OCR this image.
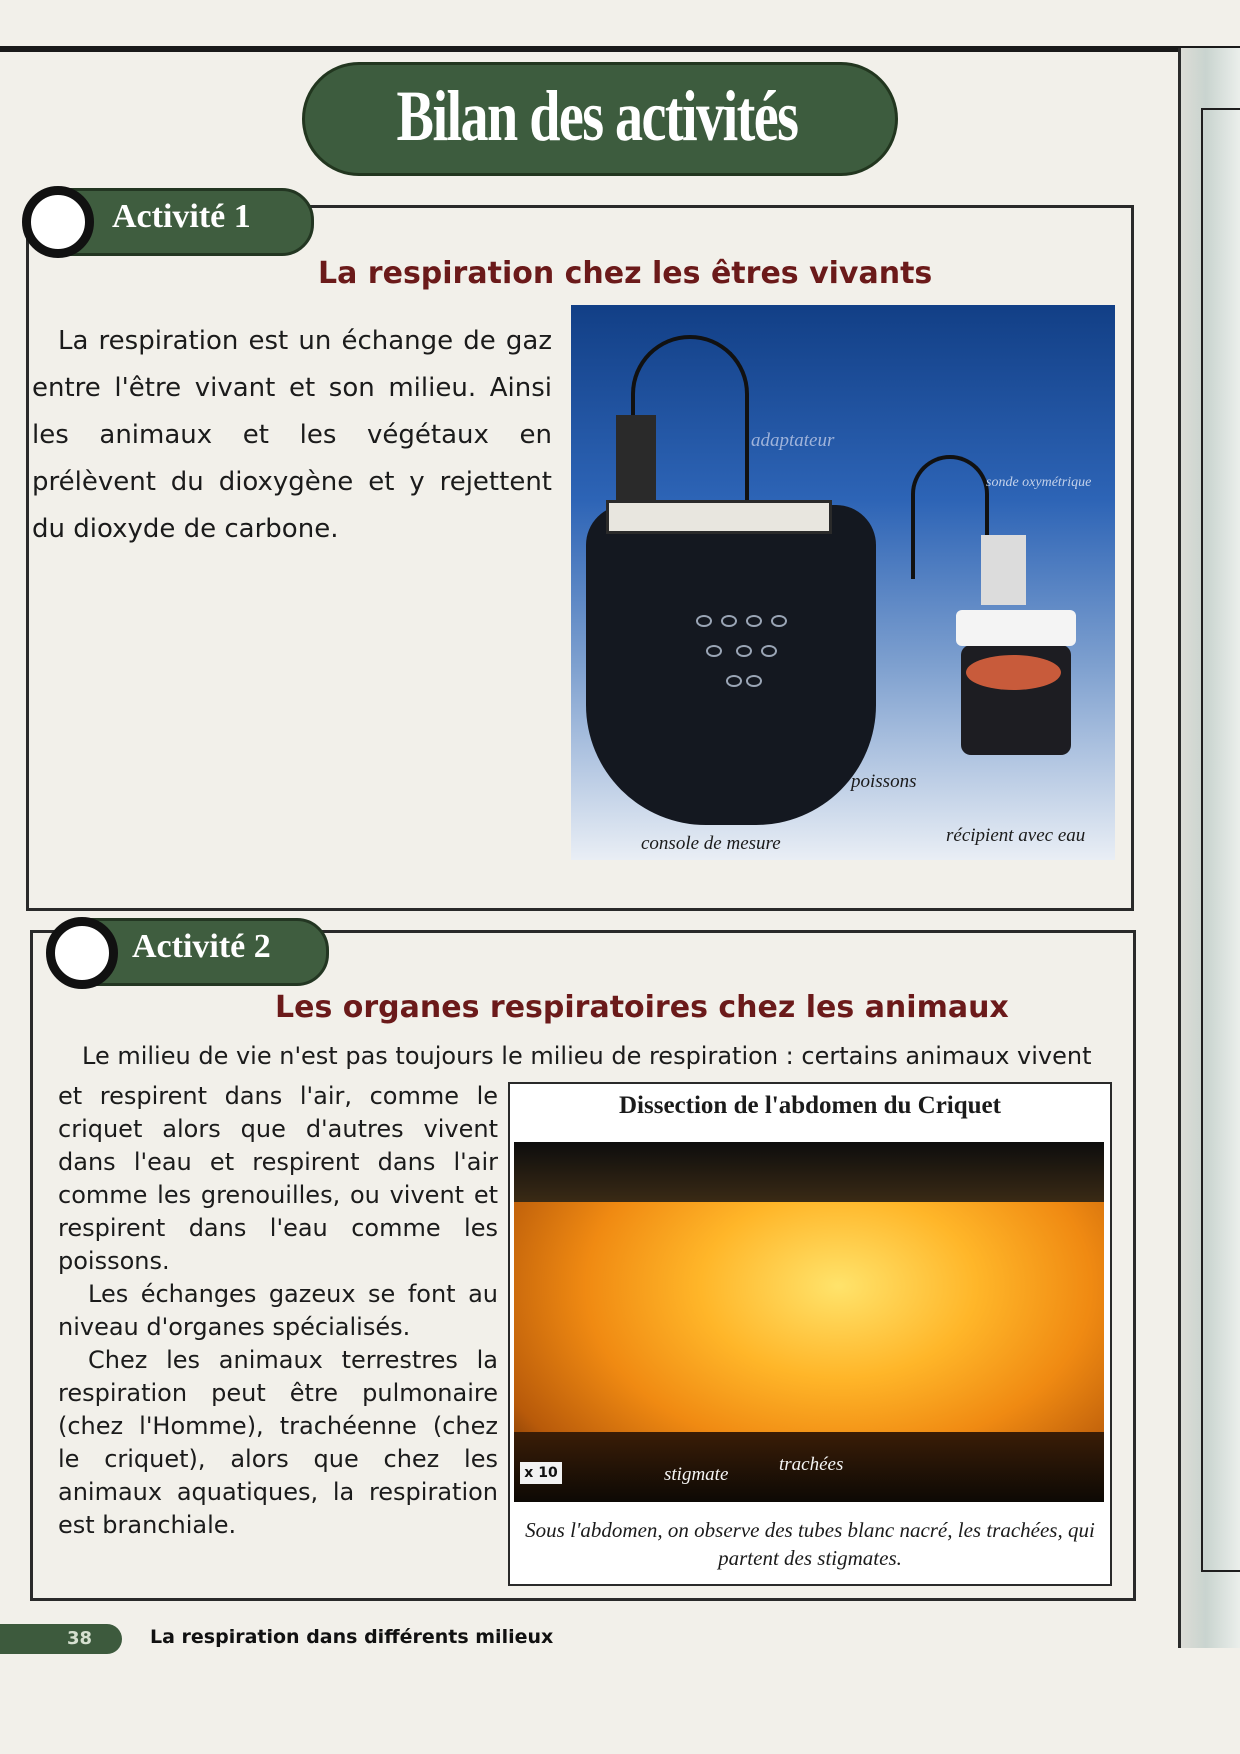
Bilan des activités
Activité 1
La respiration chez les êtres vivants
La respiration est un échange de gaz entre l'être vivant et son milieu. Ainsi les animaux et les végétaux en prélèvent du dioxygène et y rejettent du dioxyde de carbone.
adaptateur
sonde oxymétrique
poissons
console de mesure	récipient avec eau
Activité 2
Les organes respiratoires chez les animaux
Le milieu de vie n'est pas toujours le milieu de respiration : certains animaux vivent

et respirent dans l'air, comme le criquet alors que d'autres vivent dans l'eau et respirent dans l'air comme les grenouilles, ou vivent et respirent dans l'eau comme les poissons.

Les échanges gazeux se font au niveau d'organes spécialisés.

Chez les animaux terrestres la respiration peut être pulmonaire (chez l'Homme), trachéenne (chez le criquet), alors que chez les animaux aquatiques, la respiration est branchiale.

Dissection de l'abdomen du Criquet
x 10	stigmate	trachées
Sous l'abdomen, on observe des tubes blanc nacré, les trachées, qui partent des stigmates.
38	La respiration dans différents milieux
